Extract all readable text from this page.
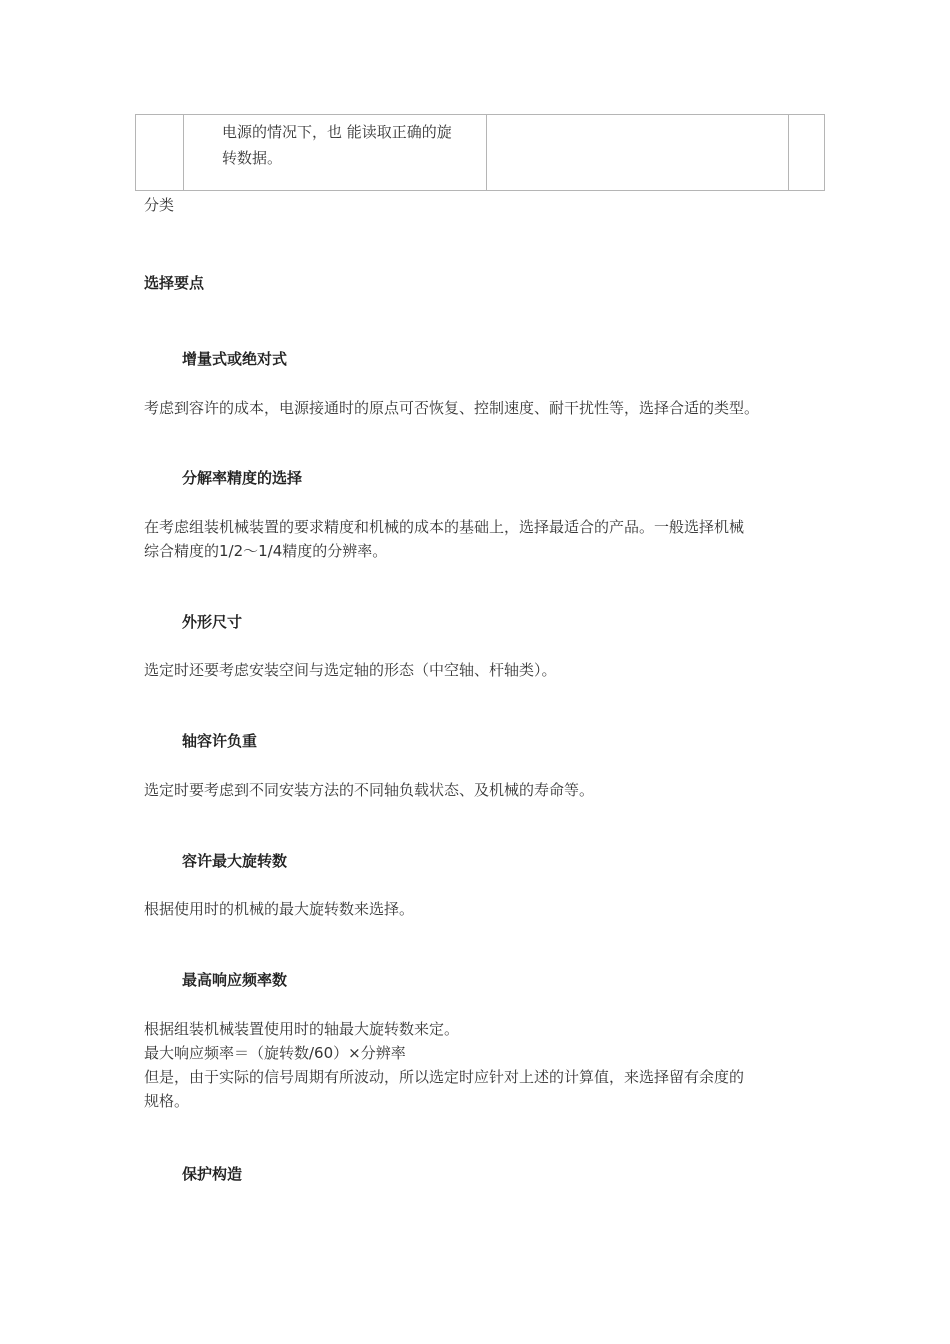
电源的情况下，也 能读取正确的旋
转数据。

分类
选择要点
增量式或绝对式
考虑到容许的成本，电源接通时的原点可否恢复、控制速度、耐干扰性等，选择合适的类型。
分解率精度的选择
在考虑组装机械装置的要求精度和机械的成本的基础上，选择最适合的产品。一般选择机械
综合精度的1/2～1/4精度的分辨率。
外形尺寸
选定时还要考虑安装空间与选定轴的形态（中空轴、杆轴类）。
轴容许负重
选定时要考虑到不同安装方法的不同轴负载状态、及机械的寿命等。
容许最大旋转数
根据使用时的机械的最大旋转数来选择。
最高响应频率数
根据组装机械装置使用时的轴最大旋转数来定。
最大响应频率＝（旋转数/60）×分辨率
但是，由于实际的信号周期有所波动，所以选定时应针对上述的计算值，来选择留有余度的
规格。
保护构造
